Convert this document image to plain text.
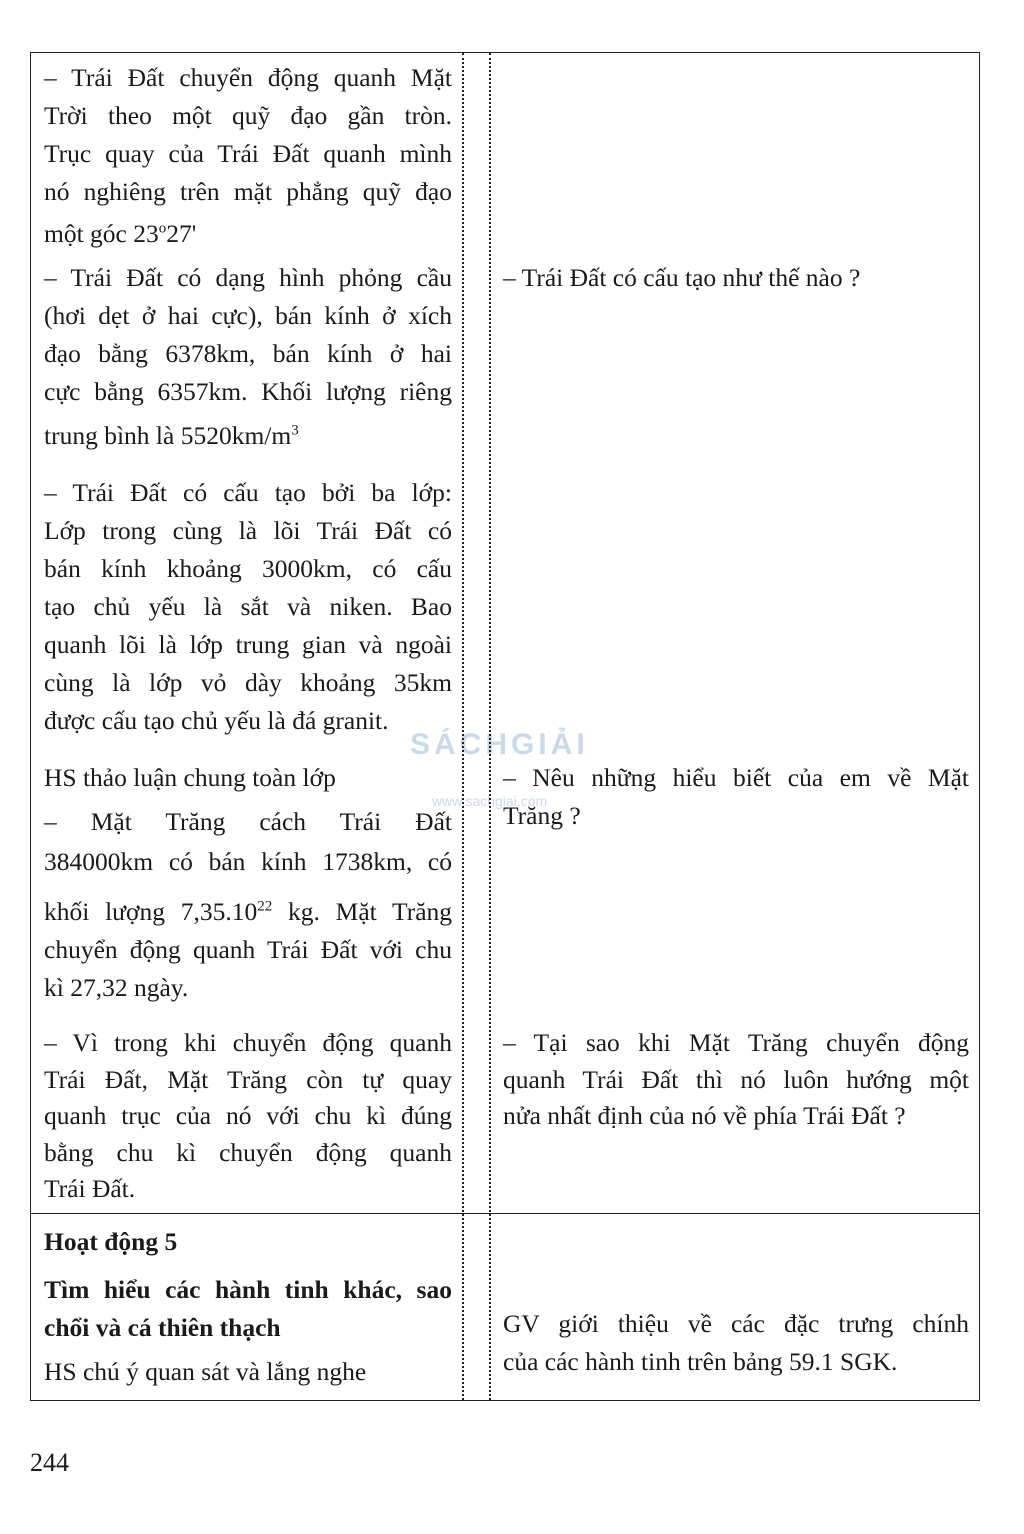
SÁCHGIẢI
www.sachgiai.com
– Trái Đất chuyển động quanh Mặt
Trời theo một quỹ đạo gần tròn.
Trục quay của Trái Đất quanh mình
nó nghiêng trên mặt phẳng quỹ đạo
một góc 23$^o$27'
– Trái Đất có dạng hình phỏng cầu
(hơi dẹt ở hai cực), bán kính ở xích
đạo bằng 6378km, bán kính ở hai
cực bằng 6357km. Khối lượng riêng
trung bình là $5520km/m^3$
– Trái Đất có cấu tạo như thế nào ?
– Trái Đất có cấu tạo bởi ba lớp:
Lớp trong cùng là lõi Trái Đất có
bán kính khoảng 3000km, có cấu
tạo chủ yếu là sắt và niken. Bao
quanh lõi là lớp trung gian và ngoài
cùng là lớp vỏ dày khoảng 35km
được cấu tạo chủ yếu là đá granit.
HS thảo luận chung toàn lớp
– Mặt Trăng cách Trái Đất
384000km có bán kính 1738km, có
khối lượng 7,35.10$^{22}$ kg. Mặt Trăng
chuyển động quanh Trái Đất với chu
kì 27,32 ngày.
– Nêu những hiểu biết của em về Mặt
Trăng ?
– Vì trong khi chuyển động quanh
Trái Đất, Mặt Trăng còn tự quay
quanh trục của nó với chu kì đúng
bằng chu kì chuyển động quanh
Trái Đất.
– Tại sao khi Mặt Trăng chuyển động
quanh Trái Đất thì nó luôn hướng một
nửa nhất định của nó về phía Trái Đất ?
Hoạt động 5
Tìm hiểu các hành tinh khác, sao
chổi và cá thiên thạch
HS chú ý quan sát và lắng nghe
GV giới thiệu về các đặc trưng chính
của các hành tinh trên bảng 59.1 SGK.
244
